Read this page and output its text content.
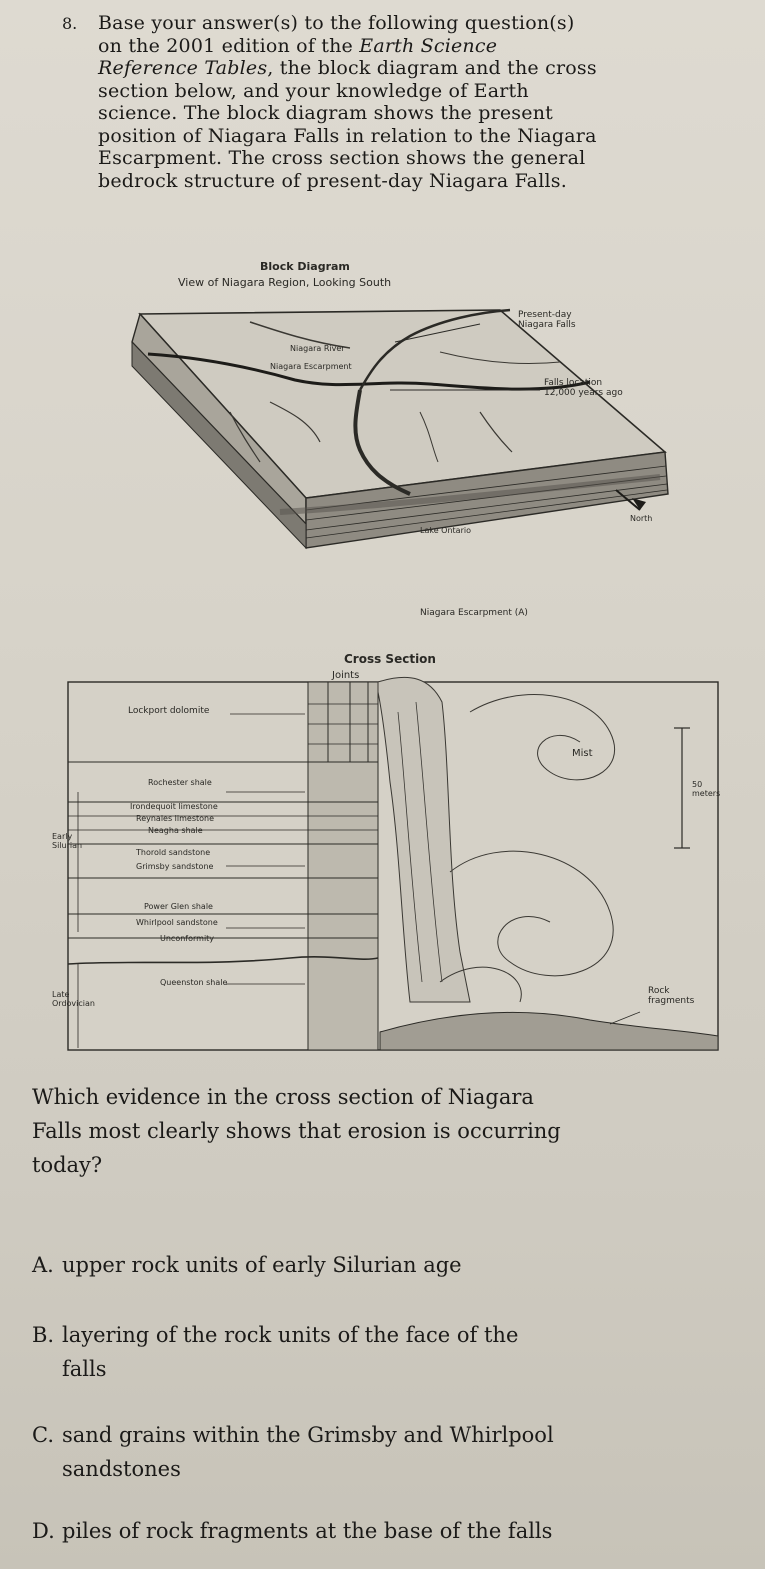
8. Base your answer(s) to the following question(s)
on the 2001 edition of the Earth Science
Reference Tables, the block diagram and the cross
section below, and your knowledge of Earth
science. The block diagram shows the present
position of Niagara Falls in relation to the Niagara
Escarpment. The cross section shows the general
bedrock structure of present-day Niagara Falls.
Block Diagram
View of Niagara Region, Looking South
Present-day
Niagara Falls
Falls location
12,000 years ago
Niagara Escarpment
Niagara River
Lake Ontario
North
Niagara Escarpment (A)
Cross Section
Joints
Mist
Rock
fragments
Early
Silurian
Late
Ordovician
50 meters
Lockport dolomite
Rochester shale
Irondequoit limestone
Reynales limestone
Neagha shale
Thorold sandstone
Grimsby sandstone
Power Glen shale
Whirlpool sandstone
Unconformity
Queenston shale
Which evidence in the cross section of Niagara
Falls most clearly shows that erosion is occurring
today?
A. upper rock units of early Silurian age
B. layering of the rock units of the face of the
falls
C. sand grains within the Grimsby and Whirlpool
sandstones
D. piles of rock fragments at the base of the falls
